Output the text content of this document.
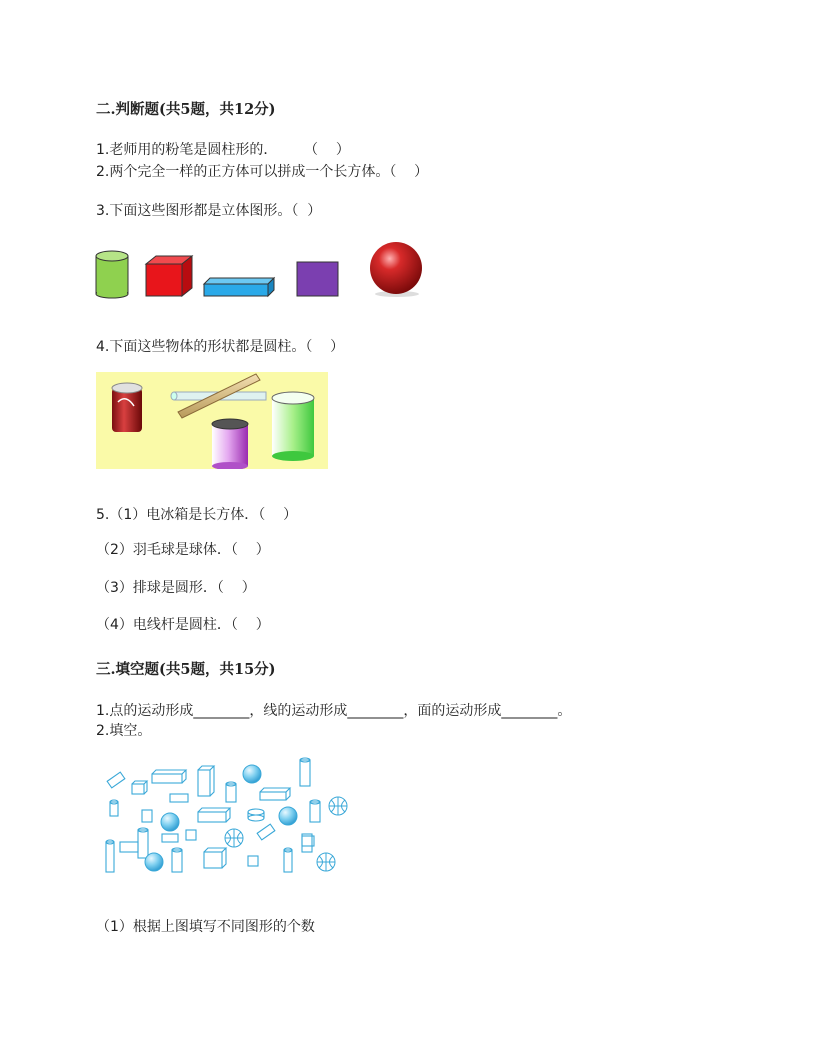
二.判断题(共5题，共12分)
1.老师用的粉笔是圆柱形的．      （    ）
2.两个完全一样的正方体可以拼成一个长方体。（    ）
3.下面这些图形都是立体图形。（  ）
4.下面这些物体的形状都是圆柱。（    ）
5.（1）电冰箱是长方体．（    ）
（2）羽毛球是球体．（    ）
（3）排球是圆形．（    ）
（4）电线杆是圆柱．（    ）
三.填空题(共5题，共15分)
1.点的运动形成________，线的运动形成________，面的运动形成________。
2.填空。
（1）根据上图填写不同图形的个数
